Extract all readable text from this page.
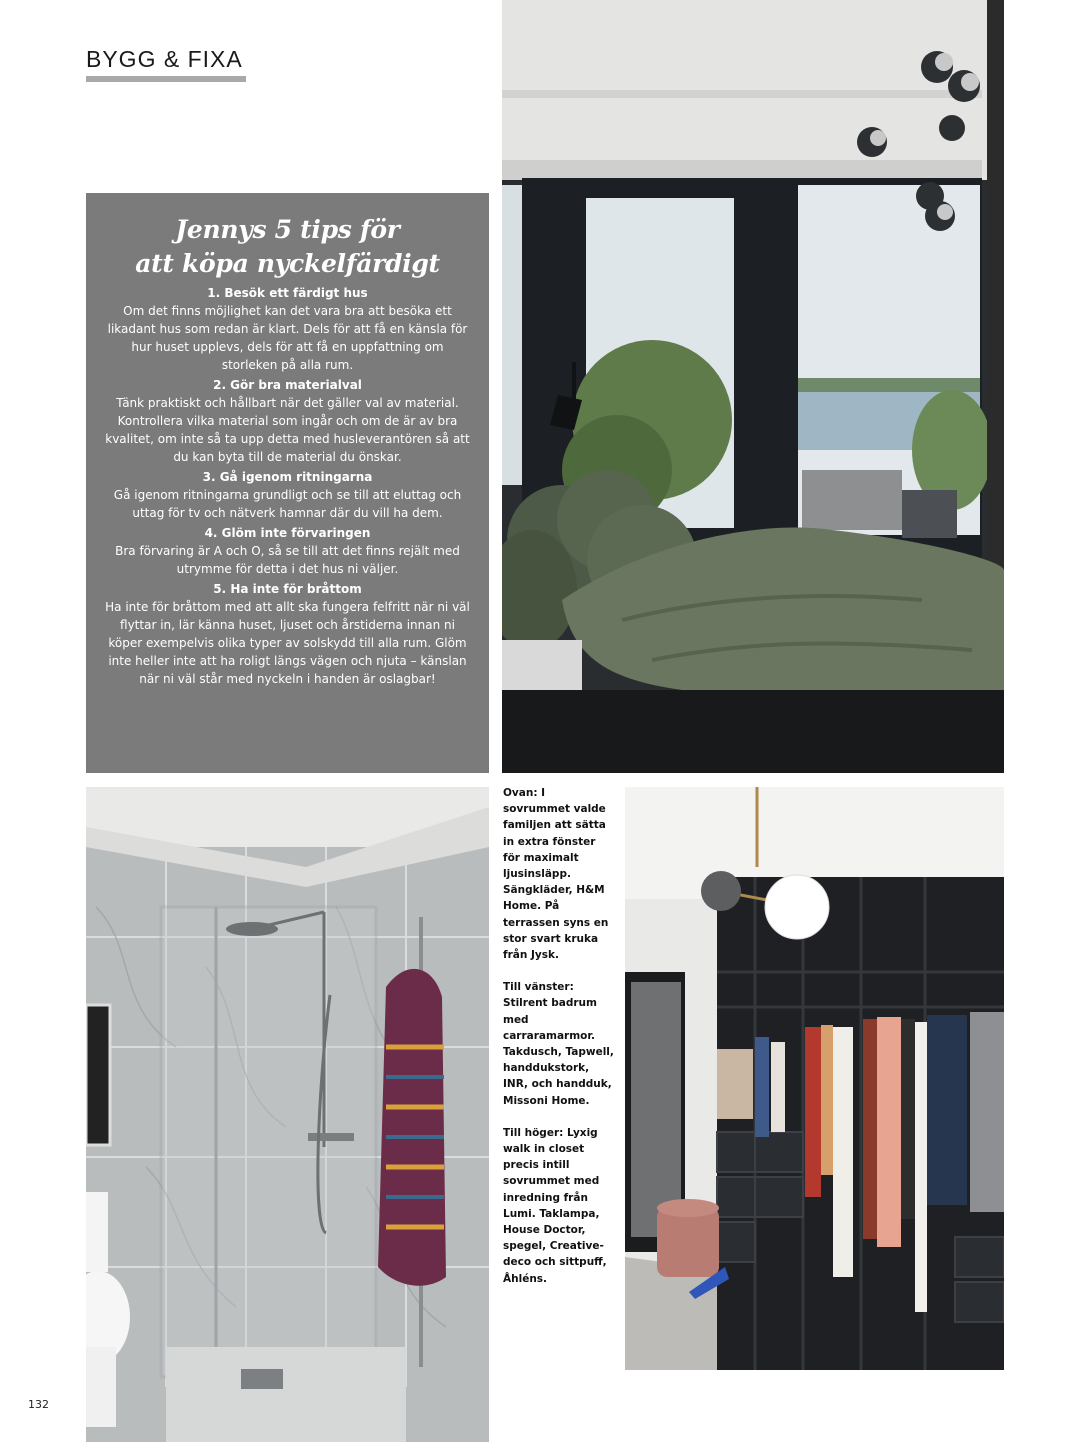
BYGG & FIXA

Jennys 5 tips för
att köpa nyckelfärdigt

1. Besök ett färdigt hus

Om det finns möjlighet kan det vara bra att besöka ett likadant hus som redan är klart. Dels för att få en känsla för hur huset upplevs, dels för att få en uppfattning om storleken på alla rum.

2. Gör bra materialval

Tänk praktiskt och hållbart när det gäller val av material. Kontrollera vilka material som ingår och om de är av bra kvalitet, om inte så ta upp detta med husleverantören så att du kan byta till de material du önskar.

3. Gå igenom ritningarna

Gå igenom ritningarna grundligt och se till att eluttag och uttag för tv och nätverk hamnar där du vill ha dem.

4. Glöm inte förvaringen

Bra förvaring är A och O, så se till att det finns rejält med utrymme för detta i det hus ni väljer.

5. Ha inte för bråttom

Ha inte för bråttom med att allt ska fungera felfritt när ni väl flyttar in, lär känna huset, ljuset och årstiderna innan ni köper exempelvis olika typer av solskydd till alla rum. Glöm inte heller inte att ha roligt längs vägen och njuta – känslan när ni väl står med nyckeln i handen är oslagbar!

Ovan: I sovrummet valde familjen att sätta in extra fönster för maximalt ljusinsläpp. Sängkläder, H&M Home. På terrassen syns en stor svart kruka från Jysk.

Till vänster: Stilrent badrum med carraramarmor. Takdusch, Tapwell, handdukstork, INR, och handduk, Missoni Home.

Till höger: Lyxig walk in closet precis intill sovrummet med inredning från Lumi. Taklampa, House Doctor, spegel, Creative-deco och sittpuff, Åhléns.

132
